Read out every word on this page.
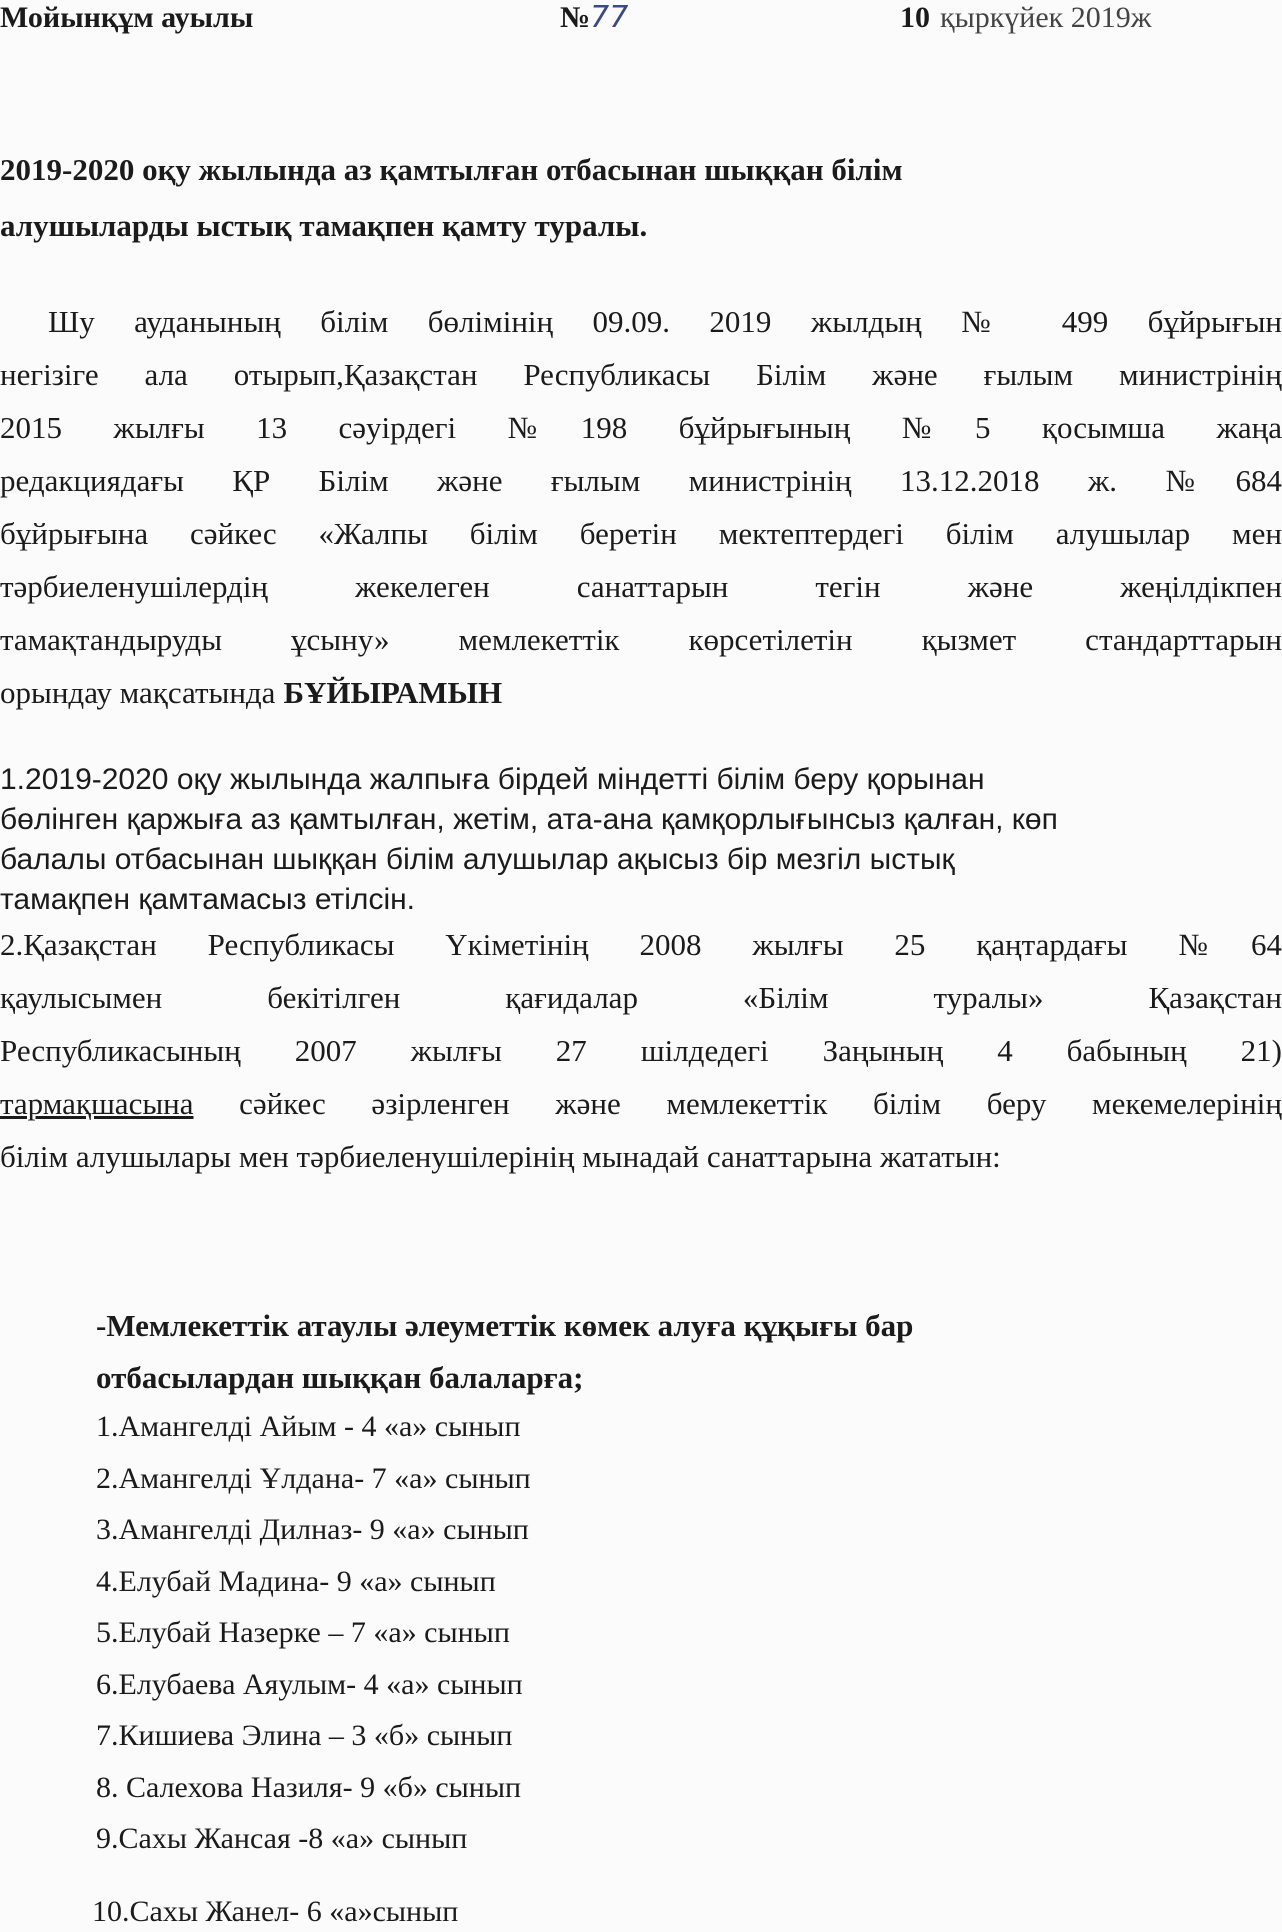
Мойынқұм ауылы	№77	10 қыркүйек 2019ж
2019-2020 оқу жылында аз қамтылған отбасынан шыққан білім
алушыларды ыстық тамақпен қамту туралы.
Шу ауданының білім бөлімінің 09.09. 2019 жылдың № 499 бұйрығын
негізіге ала отырып,Қазақстан Республикасы Білім және ғылым министрінің
2015 жылғы 13 сәуірдегі №198 бұйрығының №5 қосымша жаңа
редакциядағы ҚР Білім және ғылым министрінің 13.12.2018 ж. №684
бұйрығына сәйкес «Жалпы білім беретін мектептердегі білім алушылар мен
тәрбиеленушілердің жекелеген санаттарын тегін және жеңілдікпен
тамақтандыруды ұсыну» мемлекеттік көрсетілетін қызмет стандарттарын
орындау мақсатында БҰЙЫРАМЫН
1.2019-2020 оқу жылында жалпыға бірдей міндетті білім беру қорынан
бөлінген қаржыға аз қамтылған, жетім, ата-ана қамқорлығынсыз қалған, көп
балалы отбасынан шыққан білім алушылар ақысыз бір мезгіл ыстық
тамақпен қамтамасыз етілсін.
2.Қазақстан Республикасы Үкіметінің 2008 жылғы 25 қаңтардағы №64
қаулысымен бекітілген қағидалар «Білім туралы» Қазақстан
Республикасының 2007 жылғы 27 шілдедегі Заңының 4 бабының 21)
тармақшасына сәйкес әзірленген және мемлекеттік білім беру мекемелерінің
білім алушылары мен тәрбиеленушілерінің мынадай санаттарына жататын:
-Мемлекеттік атаулы әлеуметтік көмек алуға құқығы бар
отбасылардан шыққан балаларға;
1.Амангелді Айым - 4 «а» сынып
2.Амангелді Ұлдана- 7 «а» сынып
3.Амангелді Дилназ- 9 «а» сынып
4.Елубай Мадина- 9 «а» сынып
5.Елубай Назерке – 7 «а» сынып
6.Елубаева Аяулым- 4 «а» сынып
7.Кишиева Элина – 3 «б» сынып
8. Салехова Назиля- 9 «б» сынып
9.Сахы Жансая -8 «а» сынып
10.Сахы Жанел- 6 «а»сынып
